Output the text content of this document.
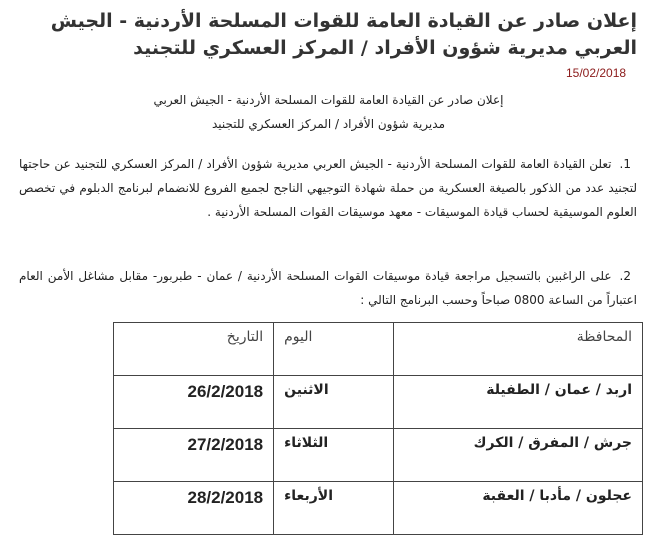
إعلان صادر عن القيادة العامة للقوات المسلحة الأردنية - الجيش العربي مديرية شؤون الأفراد / المركز العسكري للتجنيد
15/02/2018
إعلان صادر عن القيادة العامة للقوات المسلحة الأردنية - الجيش العربي
مديرية شؤون الأفراد / المركز العسكري للتجنيد

1.تعلن القيادة العامة للقوات المسلحة الأردنية - الجيش العربي مديرية شؤون الأفراد / المركز العسكري للتجنيد عن حاجتها لتجنيد عدد من الذكور بالصيغة العسكرية من حملة شهادة التوجيهي الناجح لجميع الفروع للانضمام لبرنامج الدبلوم في تخصص العلوم الموسيقية لحساب قيادة الموسيقات - معهد موسيقات القوات المسلحة الأردنية .

2.على الراغبين بالتسجيل مراجعة قيادة موسيقات القوات المسلحة الأردنية / عمان - طبربور- مقابل مشاغل الأمن العام اعتباراً من الساعة 0800 صباحاً وحسب البرنامج التالي :

المحافظة	اليوم	التاريخ
اربد / عمان / الطفيلة	الاثنين	26/2/2018
جرش / المفرق / الكرك	الثلاثاء	27/2/2018
عجلون / مأدبا / العقبة	الأربعاء	28/2/2018
